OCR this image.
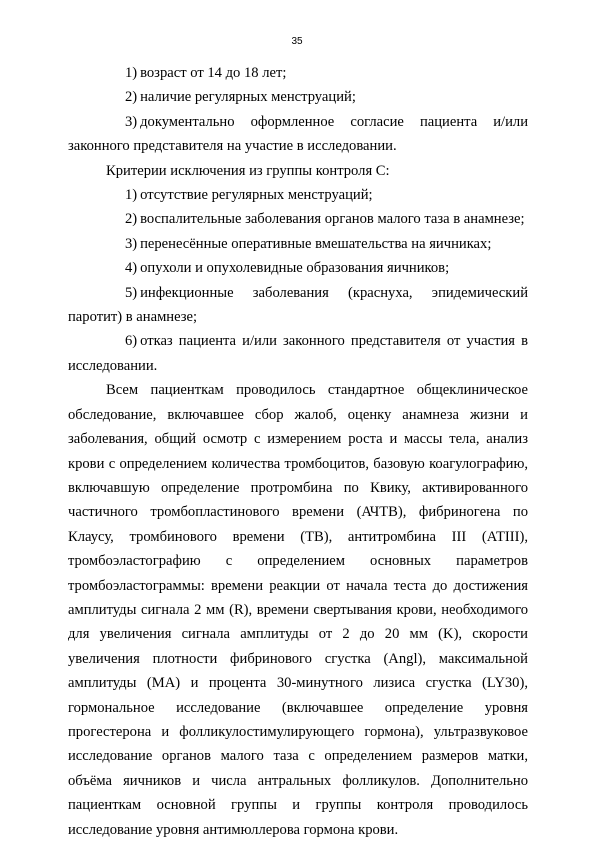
35

1)  возраст от 14 до 18 лет;

2)  наличие регулярных менструаций;

3)  документально оформленное согласие пациента и/или законного представителя на участие в исследовании.

Критерии исключения из группы контроля С:

1)  отсутствие регулярных менструаций;

2)  воспалительные заболевания органов малого таза в анамнезе;

3)  перенесённые оперативные вмешательства на яичниках;

4)  опухоли и опухолевидные образования яичников;

5)  инфекционные заболевания (краснуха, эпидемический паротит) в анамнезе;

6)  отказ пациента и/или законного представителя от участия в исследовании.

Всем пациенткам проводилось стандартное общеклиническое обследование, включавшее сбор жалоб, оценку анамнеза жизни и заболевания, общий осмотр с измерением роста и массы тела, анализ крови с определением количества тромбоцитов, базовую коагулографию, включавшую определение протромбина по Квику, активированного частичного тромбопластинового времени (АЧТВ), фибриногена по Клаусу, тромбинового времени (ТВ), антитромбина III (АТIII), тромбоэластографию с определением основных параметров тромбоэластограммы: времени реакции от начала теста до достижения амплитуды сигнала 2 мм (R), времени свертывания крови, необходимого для увеличения сигнала амплитуды от 2 до 20 мм (K), скорости увеличения плотности фибринового сгустка (Angl), максимальной амплитуды (MA) и процента 30-минутного лизиса сгустка (LY30), гормональное исследование (включавшее определение уровня прогестерона и фолликулостимулирующего гормона), ультразвуковое исследование органов малого таза с определением размеров матки, объёма яичников и числа антральных фолликулов. Дополнительно пациенткам основной группы и группы контроля проводилось исследование уровня антимюллерова гормона крови.
